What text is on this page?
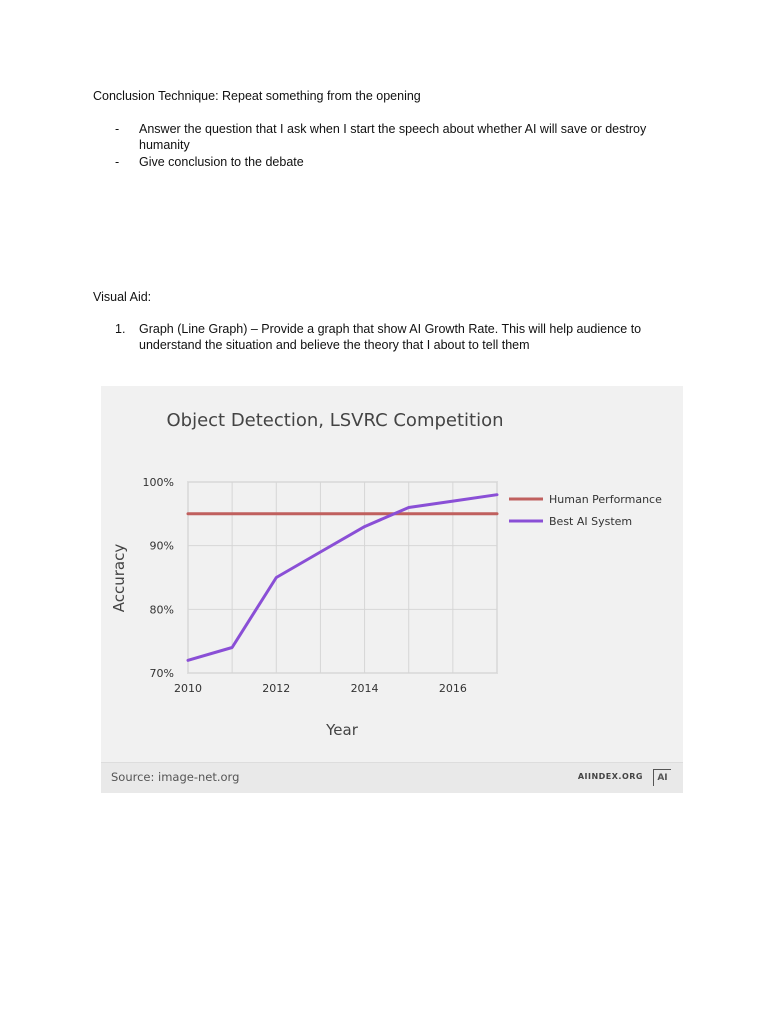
Conclusion Technique: Repeat something from the opening

- Answer the question that I ask when I start the speech about whether AI will save or destroy humanity
- Give conclusion to the debate

Visual Aid:

1. Graph (Line Graph) – Provide a graph that show AI Growth Rate. This will help audience to understand the situation and believe the theory that I about to tell them
Object Detection, LSVRC Competition
70%
80%
90%
100%
2010	2012	2014	2016
Human Performance
Best AI System
Year
Accuracy
Source: image-net.org	AIINDEX.ORG	AI
